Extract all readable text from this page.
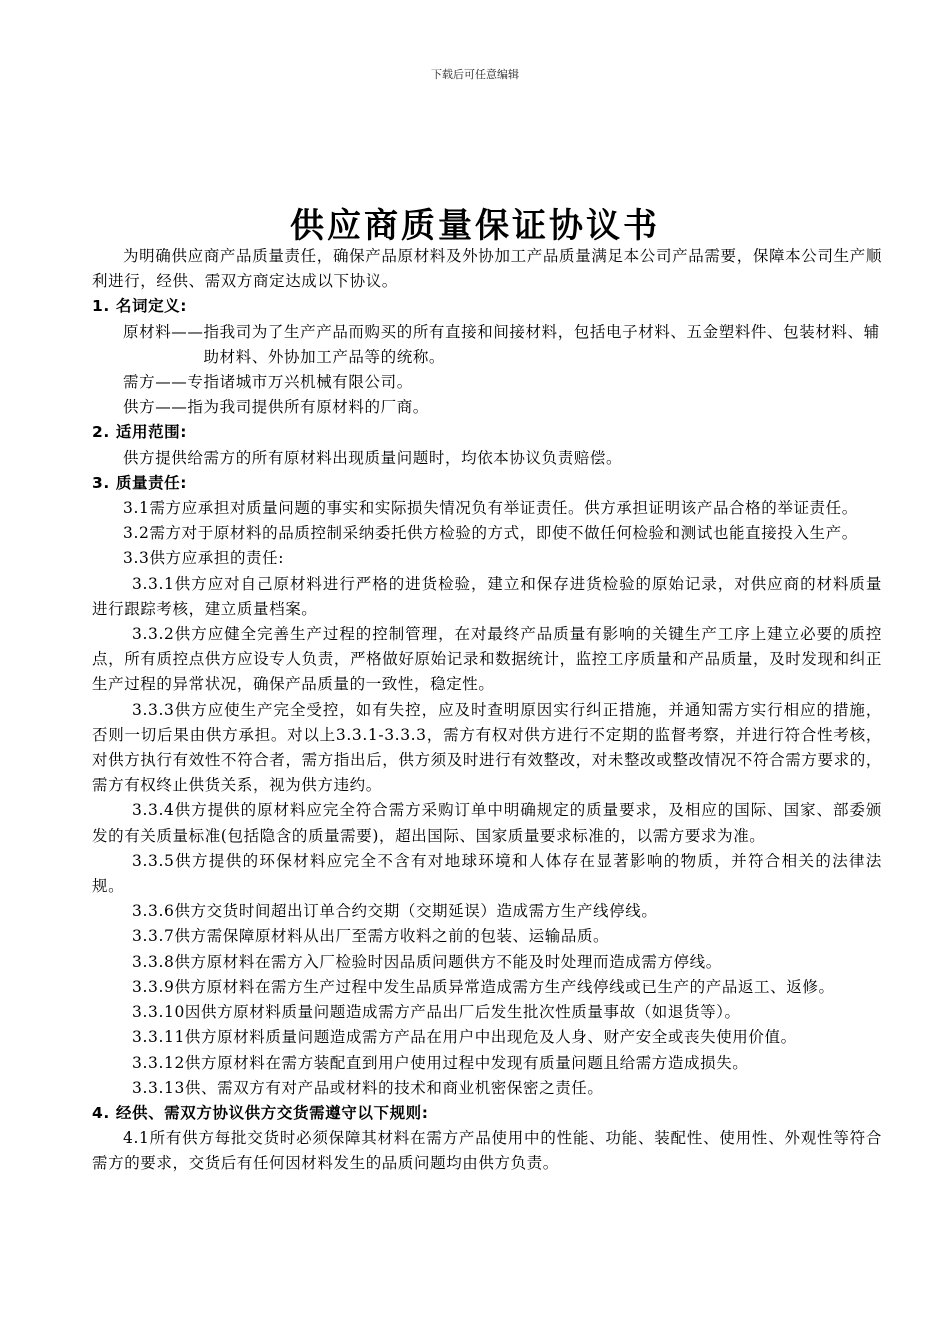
下载后可任意编辑
供应商质量保证协议书

为明确供应商产品质量责任，确保产品原材料及外协加工产品质量满足本公司产品需要，保障本公司生产顺利进行，经供、需双方商定达成以下协议。

1. 名词定义:

原材料—— 指我司为了生产产品而购买的所有直接和间接材料，包括电子材料、五金塑料件、包装材料、辅助材料、外协加工产品等的统称。

需方——专指诸城市万兴机械有限公司。

供方——指为我司提供所有原材料的厂商。

2. 适用范围:

供方提供给需方的所有原材料出现质量问题时，均依本协议负责赔偿。

3. 质量责任:

3.1需方应承担对质量问题的事实和实际损失情况负有举证责任。供方承担证明该产品合格的举证责任。

3.2需方对于原材料的品质控制采纳委托供方检验的方式，即使不做任何检验和测试也能直接投入生产。

3.3供方应承担的责任:

3.3.1供方应对自己原材料进行严格的进货检验，建立和保存进货检验的原始记录，对供应商的材料质量进行跟踪考核，建立质量档案。

3.3.2供方应健全完善生产过程的控制管理，在对最终产品质量有影响的关键生产工序上建立必要的质控点，所有质控点供方应设专人负责，严格做好原始记录和数据统计，监控工序质量和产品质量，及时发现和纠正生产过程的异常状况，确保产品质量的一致性，稳定性。

3.3.3供方应使生产完全受控，如有失控，应及时查明原因实行纠正措施，并通知需方实行相应的措施，否则一切后果由供方承担。对以上3.3.1-3.3.3，需方有权对供方进行不定期的监督考察，并进行符合性考核，对供方执行有效性不符合者，需方指出后，供方须及时进行有效整改，对未整改或整改情况不符合需方要求的，需方有权终止供货关系，视为供方违约。

3.3.4供方提供的原材料应完全符合需方采购订单中明确规定的质量要求，及相应的国际、国家、部委颁发的有关质量标准(包括隐含的质量需要)，超出国际、国家质量要求标准的，以需方要求为准。

3.3.5供方提供的环保材料应完全不含有对地球环境和人体存在显著影响的物质，并符合相关的法律法规。

3.3.6供方交货时间超出订单合约交期（交期延误）造成需方生产线停线。

3.3.7供方需保障原材料从出厂至需方收料之前的包装、运输品质。

3.3.8供方原材料在需方入厂检验时因品质问题供方不能及时处理而造成需方停线。

3.3.9供方原材料在需方生产过程中发生品质异常造成需方生产线停线或已生产的产品返工、返修。

3.3.10因供方原材料质量问题造成需方产品出厂后发生批次性质量事故（如退货等）。

3.3.11供方原材料质量问题造成需方产品在用户中出现危及人身、财产安全或丧失使用价值。

3.3.12供方原材料在需方装配直到用户使用过程中发现有质量问题且给需方造成损失。

3.3.13供、需双方有对产品或材料的技术和商业机密保密之责任。

4. 经供、需双方协议供方交货需遵守以下规则:

4.1所有供方每批交货时必须保障其材料在需方产品使用中的性能、功能、装配性、使用性、外观性等符合需方的要求，交货后有任何因材料发生的品质问题均由供方负责。
